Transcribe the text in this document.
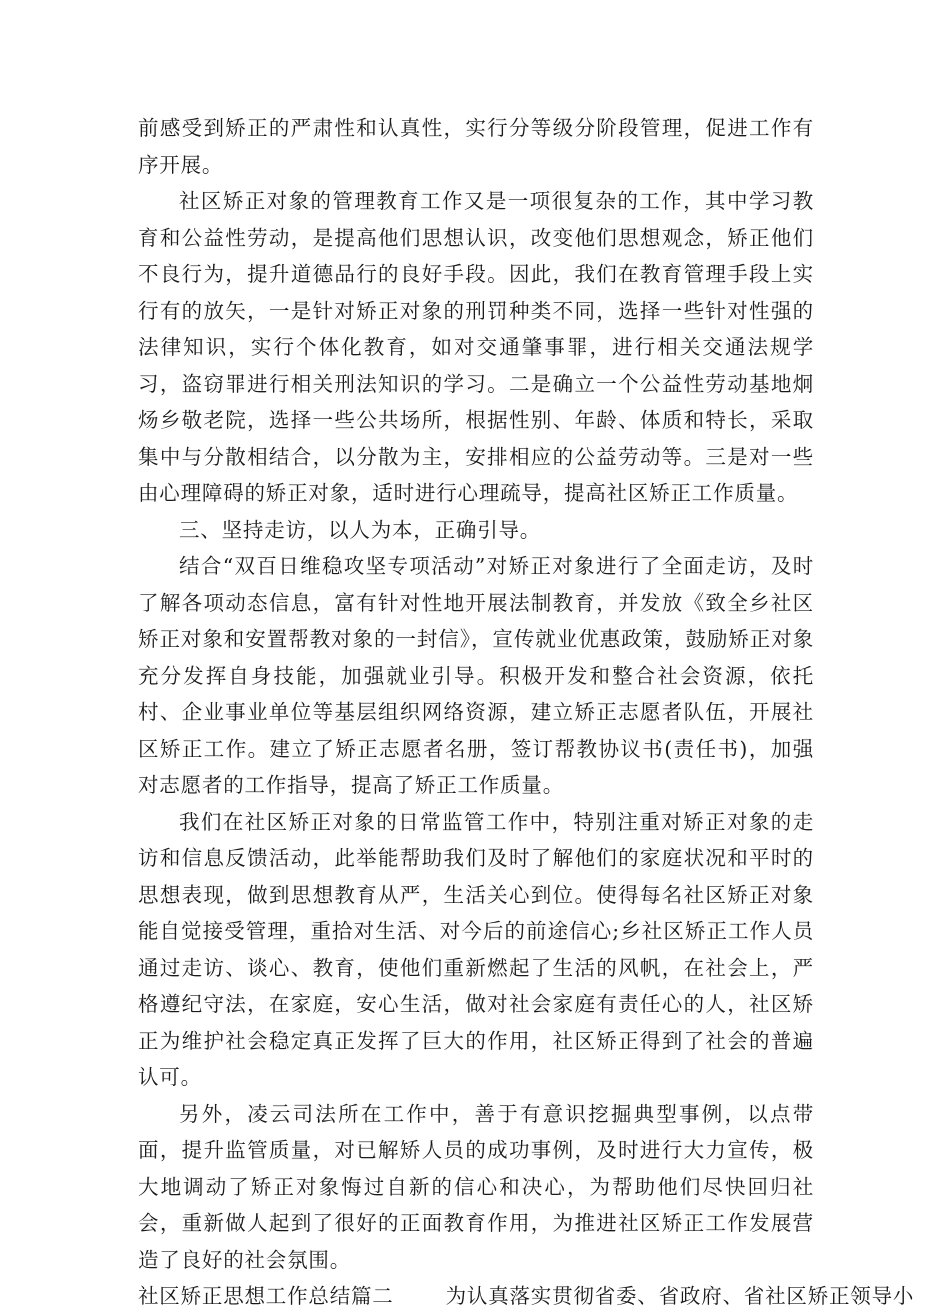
前感受到矫正的严肃性和认真性，实行分等级分阶段管理，促进工作有序开展。

社区矫正对象的管理教育工作又是一项很复杂的工作，其中学习教育和公益性劳动，是提高他们思想认识，改变他们思想观念，矫正他们不良行为，提升道德品行的良好手段。因此，我们在教育管理手段上实行有的放矢，一是针对矫正对象的刑罚种类不同，选择一些针对性强的法律知识，实行个体化教育，如对交通肇事罪，进行相关交通法规学习，盗窃罪进行相关刑法知识的学习。二是确立一个公益性劳动基地炯炀乡敬老院，选择一些公共场所，根据性别、年龄、体质和特长，采取集中与分散相结合，以分散为主，安排相应的公益劳动等。三是对一些由心理障碍的矫正对象，适时进行心理疏导，提高社区矫正工作质量。

三、坚持走访，以人为本，正确引导。

结合“双百日维稳攻坚专项活动”对矫正对象进行了全面走访，及时了解各项动态信息，富有针对性地开展法制教育，并发放《致全乡社区矫正对象和安置帮教对象的一封信》，宣传就业优惠政策，鼓励矫正对象充分发挥自身技能，加强就业引导。积极开发和整合社会资源，依托村、企业事业单位等基层组织网络资源，建立矫正志愿者队伍，开展社区矫正工作。建立了矫正志愿者名册，签订帮教协议书(责任书)，加强对志愿者的工作指导，提高了矫正工作质量。

我们在社区矫正对象的日常监管工作中，特别注重对矫正对象的走访和信息反馈活动，此举能帮助我们及时了解他们的家庭状况和平时的思想表现，做到思想教育从严，生活关心到位。使得每名社区矫正对象能自觉接受管理，重拾对生活、对今后的前途信心;乡社区矫正工作人员通过走访、谈心、教育，使他们重新燃起了生活的风帆，在社会上，严格遵纪守法，在家庭，安心生活，做对社会家庭有责任心的人，社区矫正为维护社会稳定真正发挥了巨大的作用，社区矫正得到了社会的普遍认可。

另外，凌云司法所在工作中，善于有意识挖掘典型事例，以点带面，提升监管质量，对已解矫人员的成功事例，及时进行大力宣传，极大地调动了矫正对象悔过自新的信心和决心，为帮助他们尽快回归社会，重新做人起到了很好的正面教育作用，为推进社区矫正工作发展营造了良好的社会氛围。

社区矫正思想工作总结篇二	为认真落实贯彻省委、省政府、省社区矫正领导小
